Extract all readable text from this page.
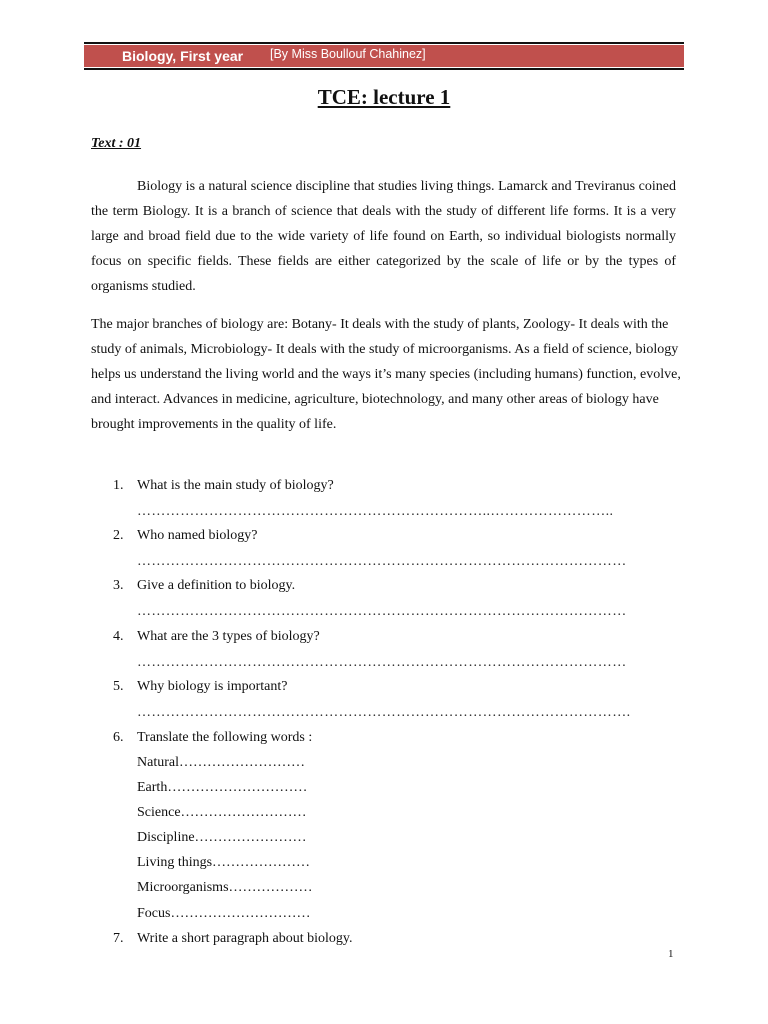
Biology, First year [By Miss Boullouf Chahinez]
TCE: lecture 1
Text : 01

Biology is a natural science discipline that studies living things. Lamarck and Treviranus coined the term Biology. It is a branch of science that deals with the study of different life forms. It is a very large and broad field due to the wide variety of life found on Earth, so individual biologists normally focus on specific fields. These fields are either categorized by the scale of life or by the types of organisms studied.

The major branches of biology are: Botany- It deals with the study of plants, Zoology- It deals with the study of animals, Microbiology- It deals with the study of microorganisms. As a field of science, biology helps us understand the living world and the ways it’s many species (including humans) function, evolve, and interact. Advances in medicine, agriculture, biotechnology, and many other areas of biology have brought improvements in the quality of life.

1. What is the main study of biology?
………………………………………………………………..……………………..
2. Who named biology?
…………………………………………………………………………………………
3. Give a definition to biology.
…………………………………………………………………………………………
4. What are the 3 types of biology?
…………………………………………………………………………………………
5. Why biology is important?
………………………………………………………………………………………….
6. Translate the following words :
Natural………………………
Earth…………………………
Science………………………
Discipline……………………
Living things…………………
Microorganisms………………
Focus…………………………
7. Write a short paragraph about biology.
1
